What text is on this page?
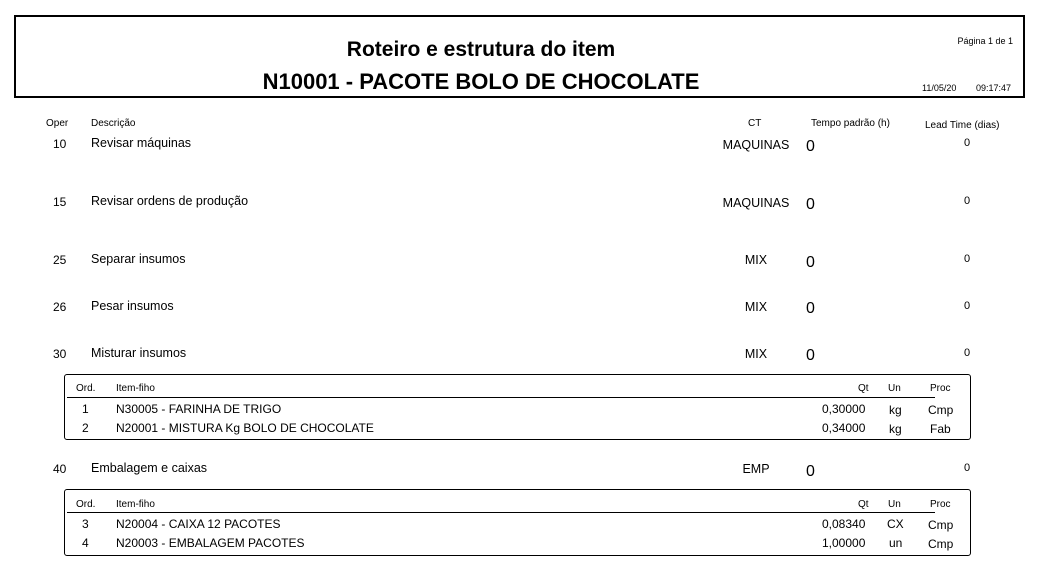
Roteiro e estrutura do item
N10001 - PACOTE BOLO DE CHOCOLATE
Página 1 de 1
11/05/20 09:17:47
Oper Descrição	CT	Tempo padrão (h)	Lead Time (dias)
10 Revisar máquinas	MAQUINAS 0	0
15 Revisar ordens de produção	MAQUINAS 0	0
25 Separar insumos	MIX	0	0
26 Pesar insumos	MIX	0	0
30 Misturar insumos	MIX	0	0
Ord. Item-fiho	Qt Un	Proc
1 N30005 - FARINHA DE TRIGO	0,30000 kg Cmp
2 N20001 - MISTURA Kg BOLO DE CHOCOLATE	0,34000 kg Fab
40 Embalagem e caixas	EMP	0	0
Ord. Item-fiho	Qt Un	Proc
3 N20004 - CAIXA 12 PACOTES	0,08340 CX Cmp
4 N20003 - EMBALAGEM PACOTES	1,00000 un Cmp
